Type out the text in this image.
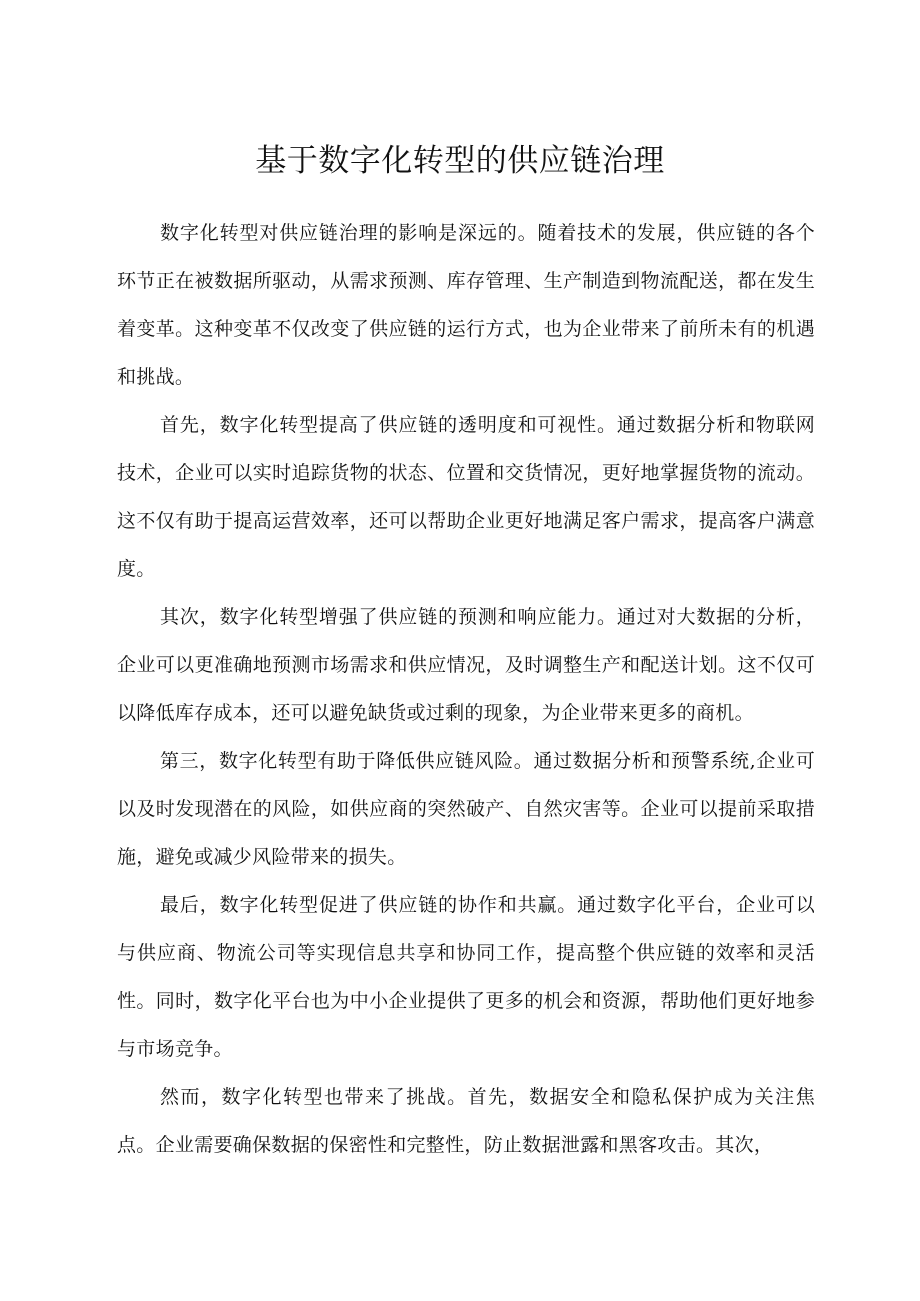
基于数字化转型的供应链治理

数字化转型对供应链治理的影响是深远的。随着技术的发展，供应链的各个环节正在被数据所驱动，从需求预测、库存管理、生产制造到物流配送，都在发生着变革。这种变革不仅改变了供应链的运行方式，也为企业带来了前所未有的机遇和挑战。

首先，数字化转型提高了供应链的透明度和可视性。通过数据分析和物联网技术，企业可以实时追踪货物的状态、位置和交货情况，更好地掌握货物的流动。这不仅有助于提高运营效率，还可以帮助企业更好地满足客户需求，提高客户满意度。

其次，数字化转型增强了供应链的预测和响应能力。通过对大数据的分析，企业可以更准确地预测市场需求和供应情况，及时调整生产和配送计划。这不仅可以降低库存成本，还可以避免缺货或过剩的现象，为企业带来更多的商机。

第三，数字化转型有助于降低供应链风险。通过数据分析和预警系统,企业可以及时发现潜在的风险，如供应商的突然破产、自然灾害等。企业可以提前采取措施，避免或减少风险带来的损失。

最后，数字化转型促进了供应链的协作和共赢。通过数字化平台，企业可以与供应商、物流公司等实现信息共享和协同工作，提高整个供应链的效率和灵活性。同时，数字化平台也为中小企业提供了更多的机会和资源，帮助他们更好地参与市场竞争。

然而，数字化转型也带来了挑战。首先，数据安全和隐私保护成为关注焦点。企业需要确保数据的保密性和完整性，防止数据泄露和黑客攻击。其次，
